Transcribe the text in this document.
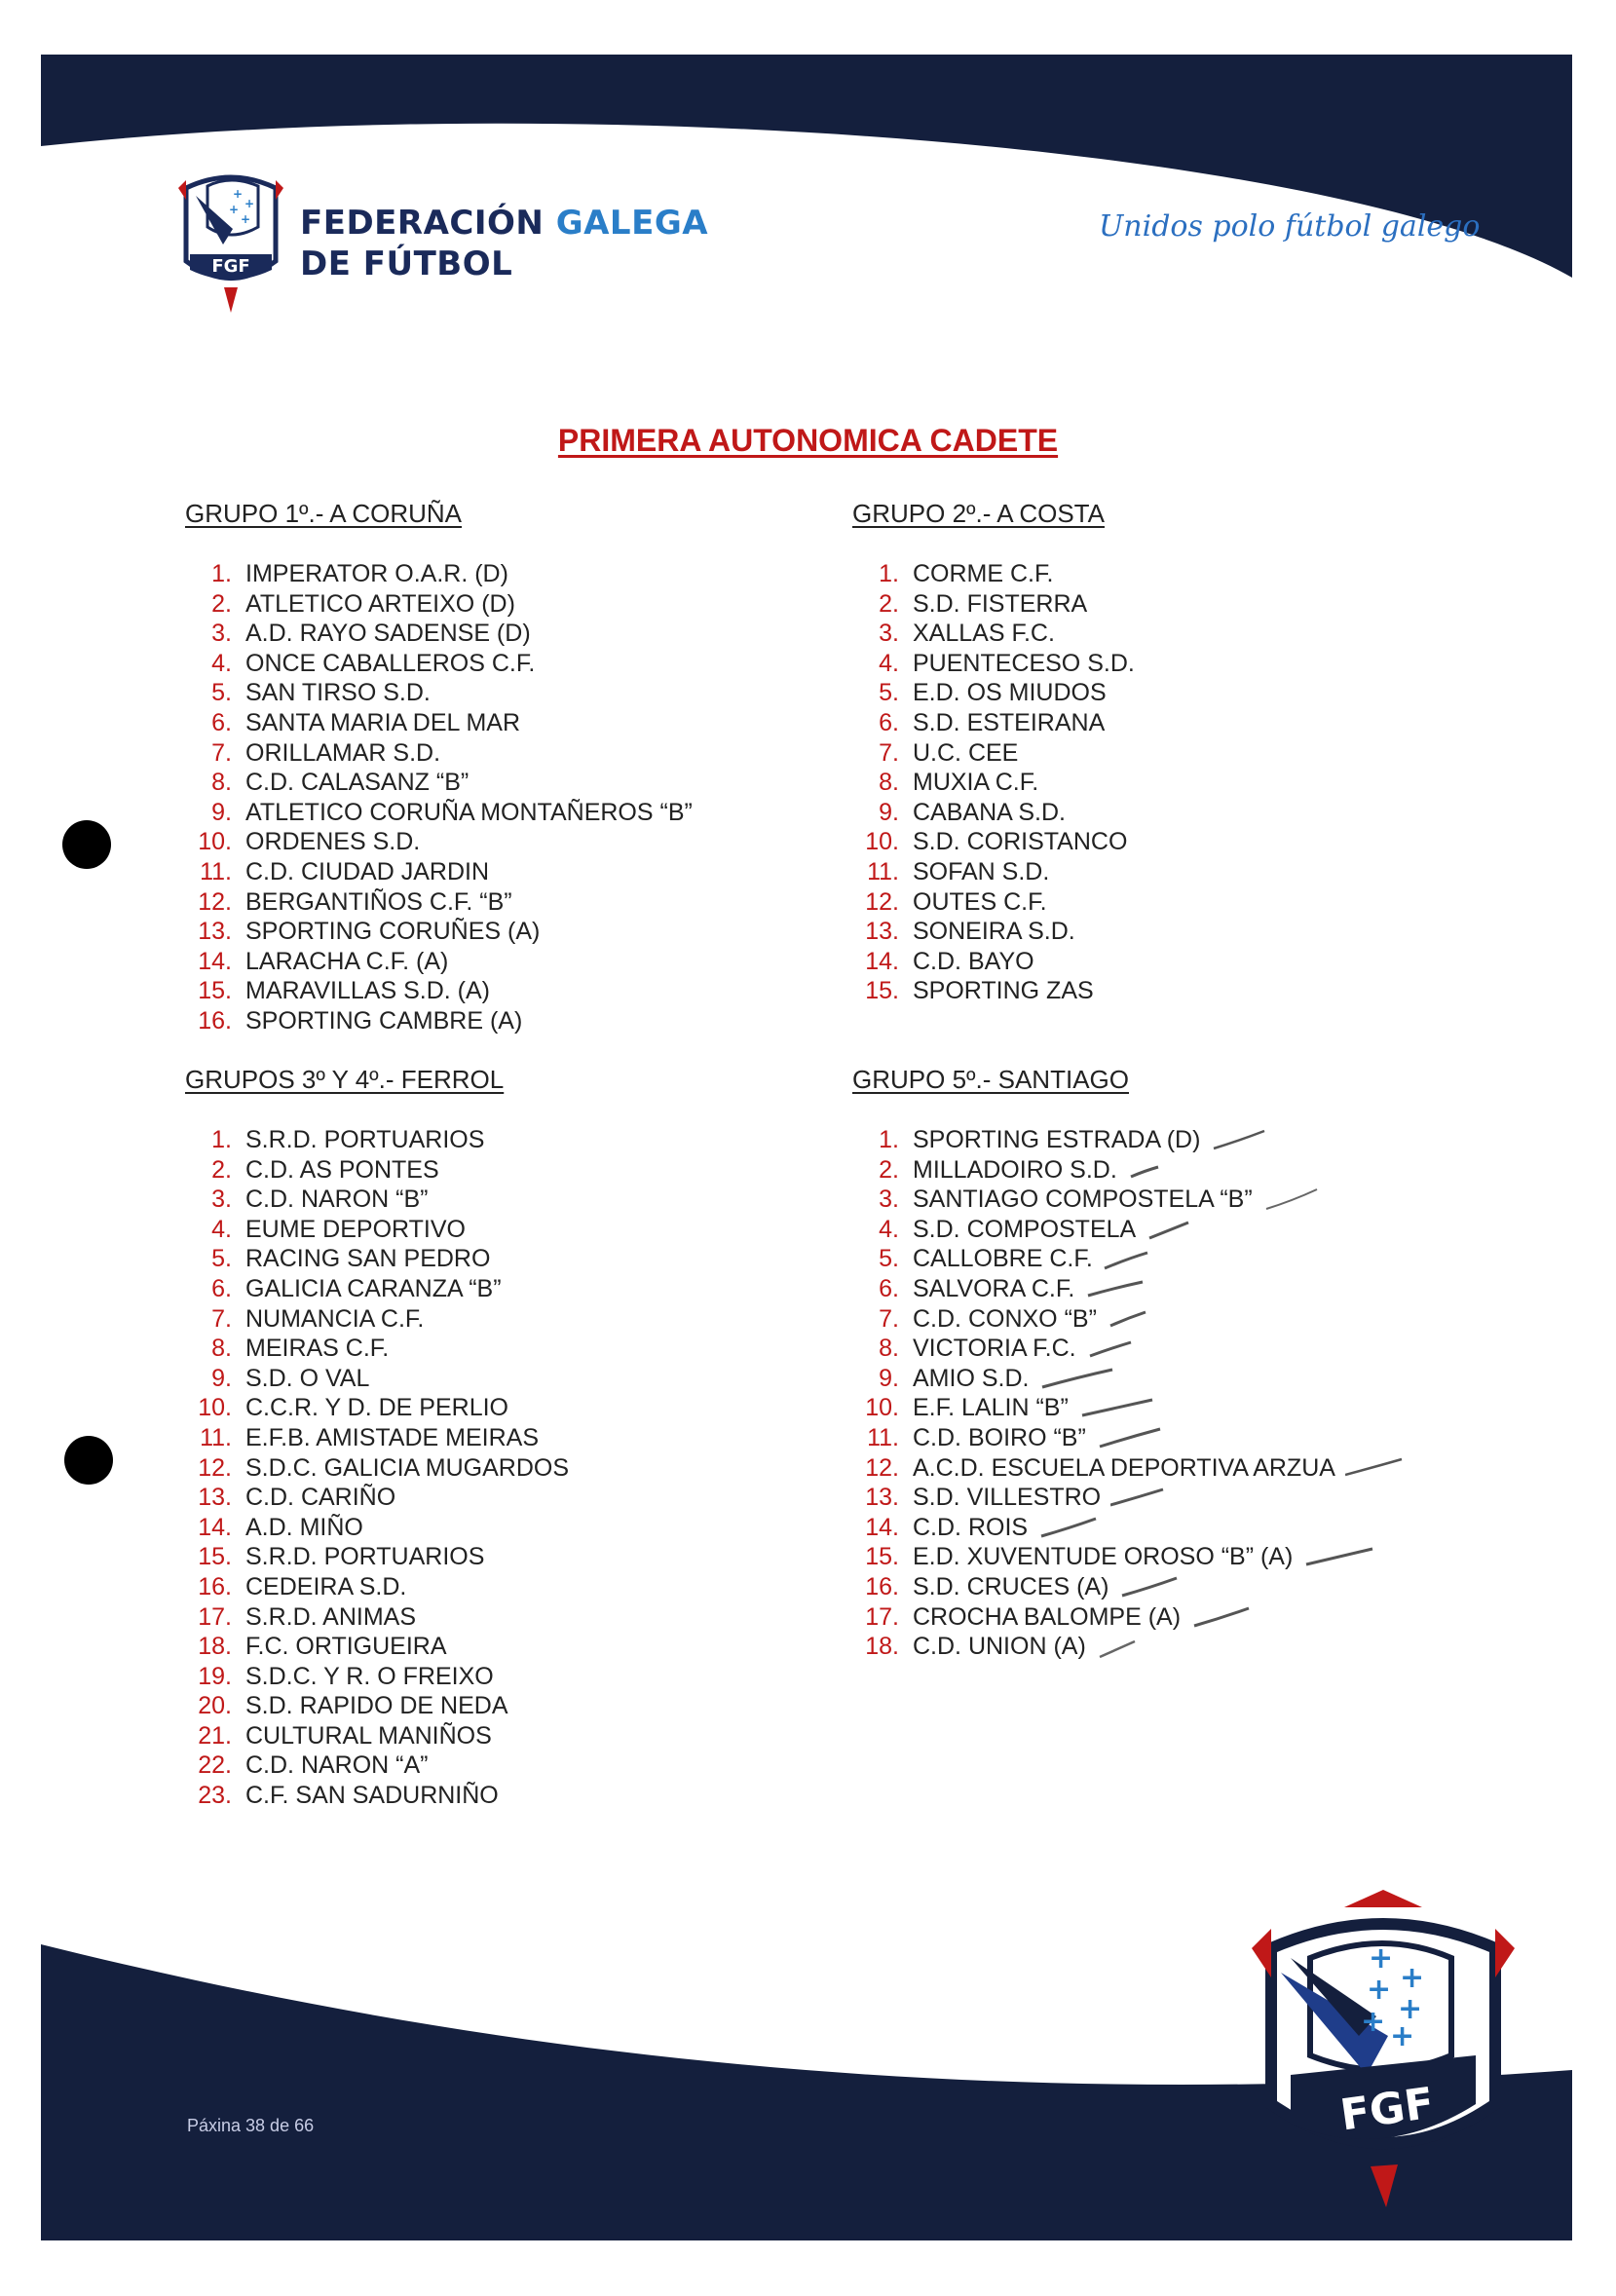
+
+
+
+
FGF
FEDERACIÓN GALEGA
DE FÚTBOL
Unidos polo fútbol galego
PRIMERA AUTONOMICA CADETE
GRUPO 1º.- A CORUÑA
1. IMPERATOR O.A.R. (D)
2. ATLETICO ARTEIXO (D)
3. A.D. RAYO SADENSE (D)
4. ONCE CABALLEROS C.F.
5. SAN TIRSO S.D.
6. SANTA MARIA DEL MAR
7. ORILLAMAR S.D.
8. C.D. CALASANZ “B”
9. ATLETICO CORUÑA MONTAÑEROS “B”
10. ORDENES S.D.
11. C.D. CIUDAD JARDIN
12. BERGANTIÑOS C.F. “B”
13. SPORTING CORUÑES (A)
14. LARACHA C.F. (A)
15. MARAVILLAS S.D. (A)
16. SPORTING CAMBRE (A)
GRUPO 2º.- A COSTA
1. CORME C.F.
2. S.D. FISTERRA
3. XALLAS F.C.
4. PUENTECESO S.D.
5. E.D. OS MIUDOS
6. S.D. ESTEIRANA
7. U.C. CEE
8. MUXIA C.F.
9. CABANA S.D.
10. S.D. CORISTANCO
11. SOFAN S.D.
12. OUTES C.F.
13. SONEIRA S.D.
14. C.D. BAYO
15. SPORTING ZAS
GRUPOS 3º Y 4º.- FERROL
1. S.R.D. PORTUARIOS
2. C.D. AS PONTES
3. C.D. NARON “B”
4. EUME DEPORTIVO
5. RACING SAN PEDRO
6. GALICIA CARANZA “B”
7. NUMANCIA C.F.
8. MEIRAS C.F.
9. S.D. O VAL
10. C.C.R. Y D. DE PERLIO
11. E.F.B. AMISTADE MEIRAS
12. S.D.C. GALICIA MUGARDOS
13. C.D. CARIÑO
14. A.D. MIÑO
15. S.R.D. PORTUARIOS
16. CEDEIRA S.D.
17. S.R.D. ANIMAS
18. F.C. ORTIGUEIRA
19. S.D.C. Y R. O FREIXO
20. S.D. RAPIDO DE NEDA
21. CULTURAL MANIÑOS
22. C.D. NARON “A”
23. C.F. SAN SADURNIÑO
GRUPO 5º.- SANTIAGO
1. SPORTING ESTRADA (D)
2. MILLADOIRO S.D.
3. SANTIAGO COMPOSTELA “B”
4. S.D. COMPOSTELA
5. CALLOBRE C.F.
6. SALVORA C.F.
7. C.D. CONXO “B”
8. VICTORIA F.C.
9. AMIO S.D.
10. E.F. LALIN “B”
11. C.D. BOIRO “B”
12. A.C.D. ESCUELA DEPORTIVA ARZUA
13. S.D. VILLESTRO
14. C.D. ROIS
15. E.D. XUVENTUDE OROSO “B” (A)
16. S.D. CRUCES (A)
17. CROCHA BALOMPE (A)
18. C.D. UNION (A)
+
+
+
+
+ +
FGF
Páxina 38 de 66
